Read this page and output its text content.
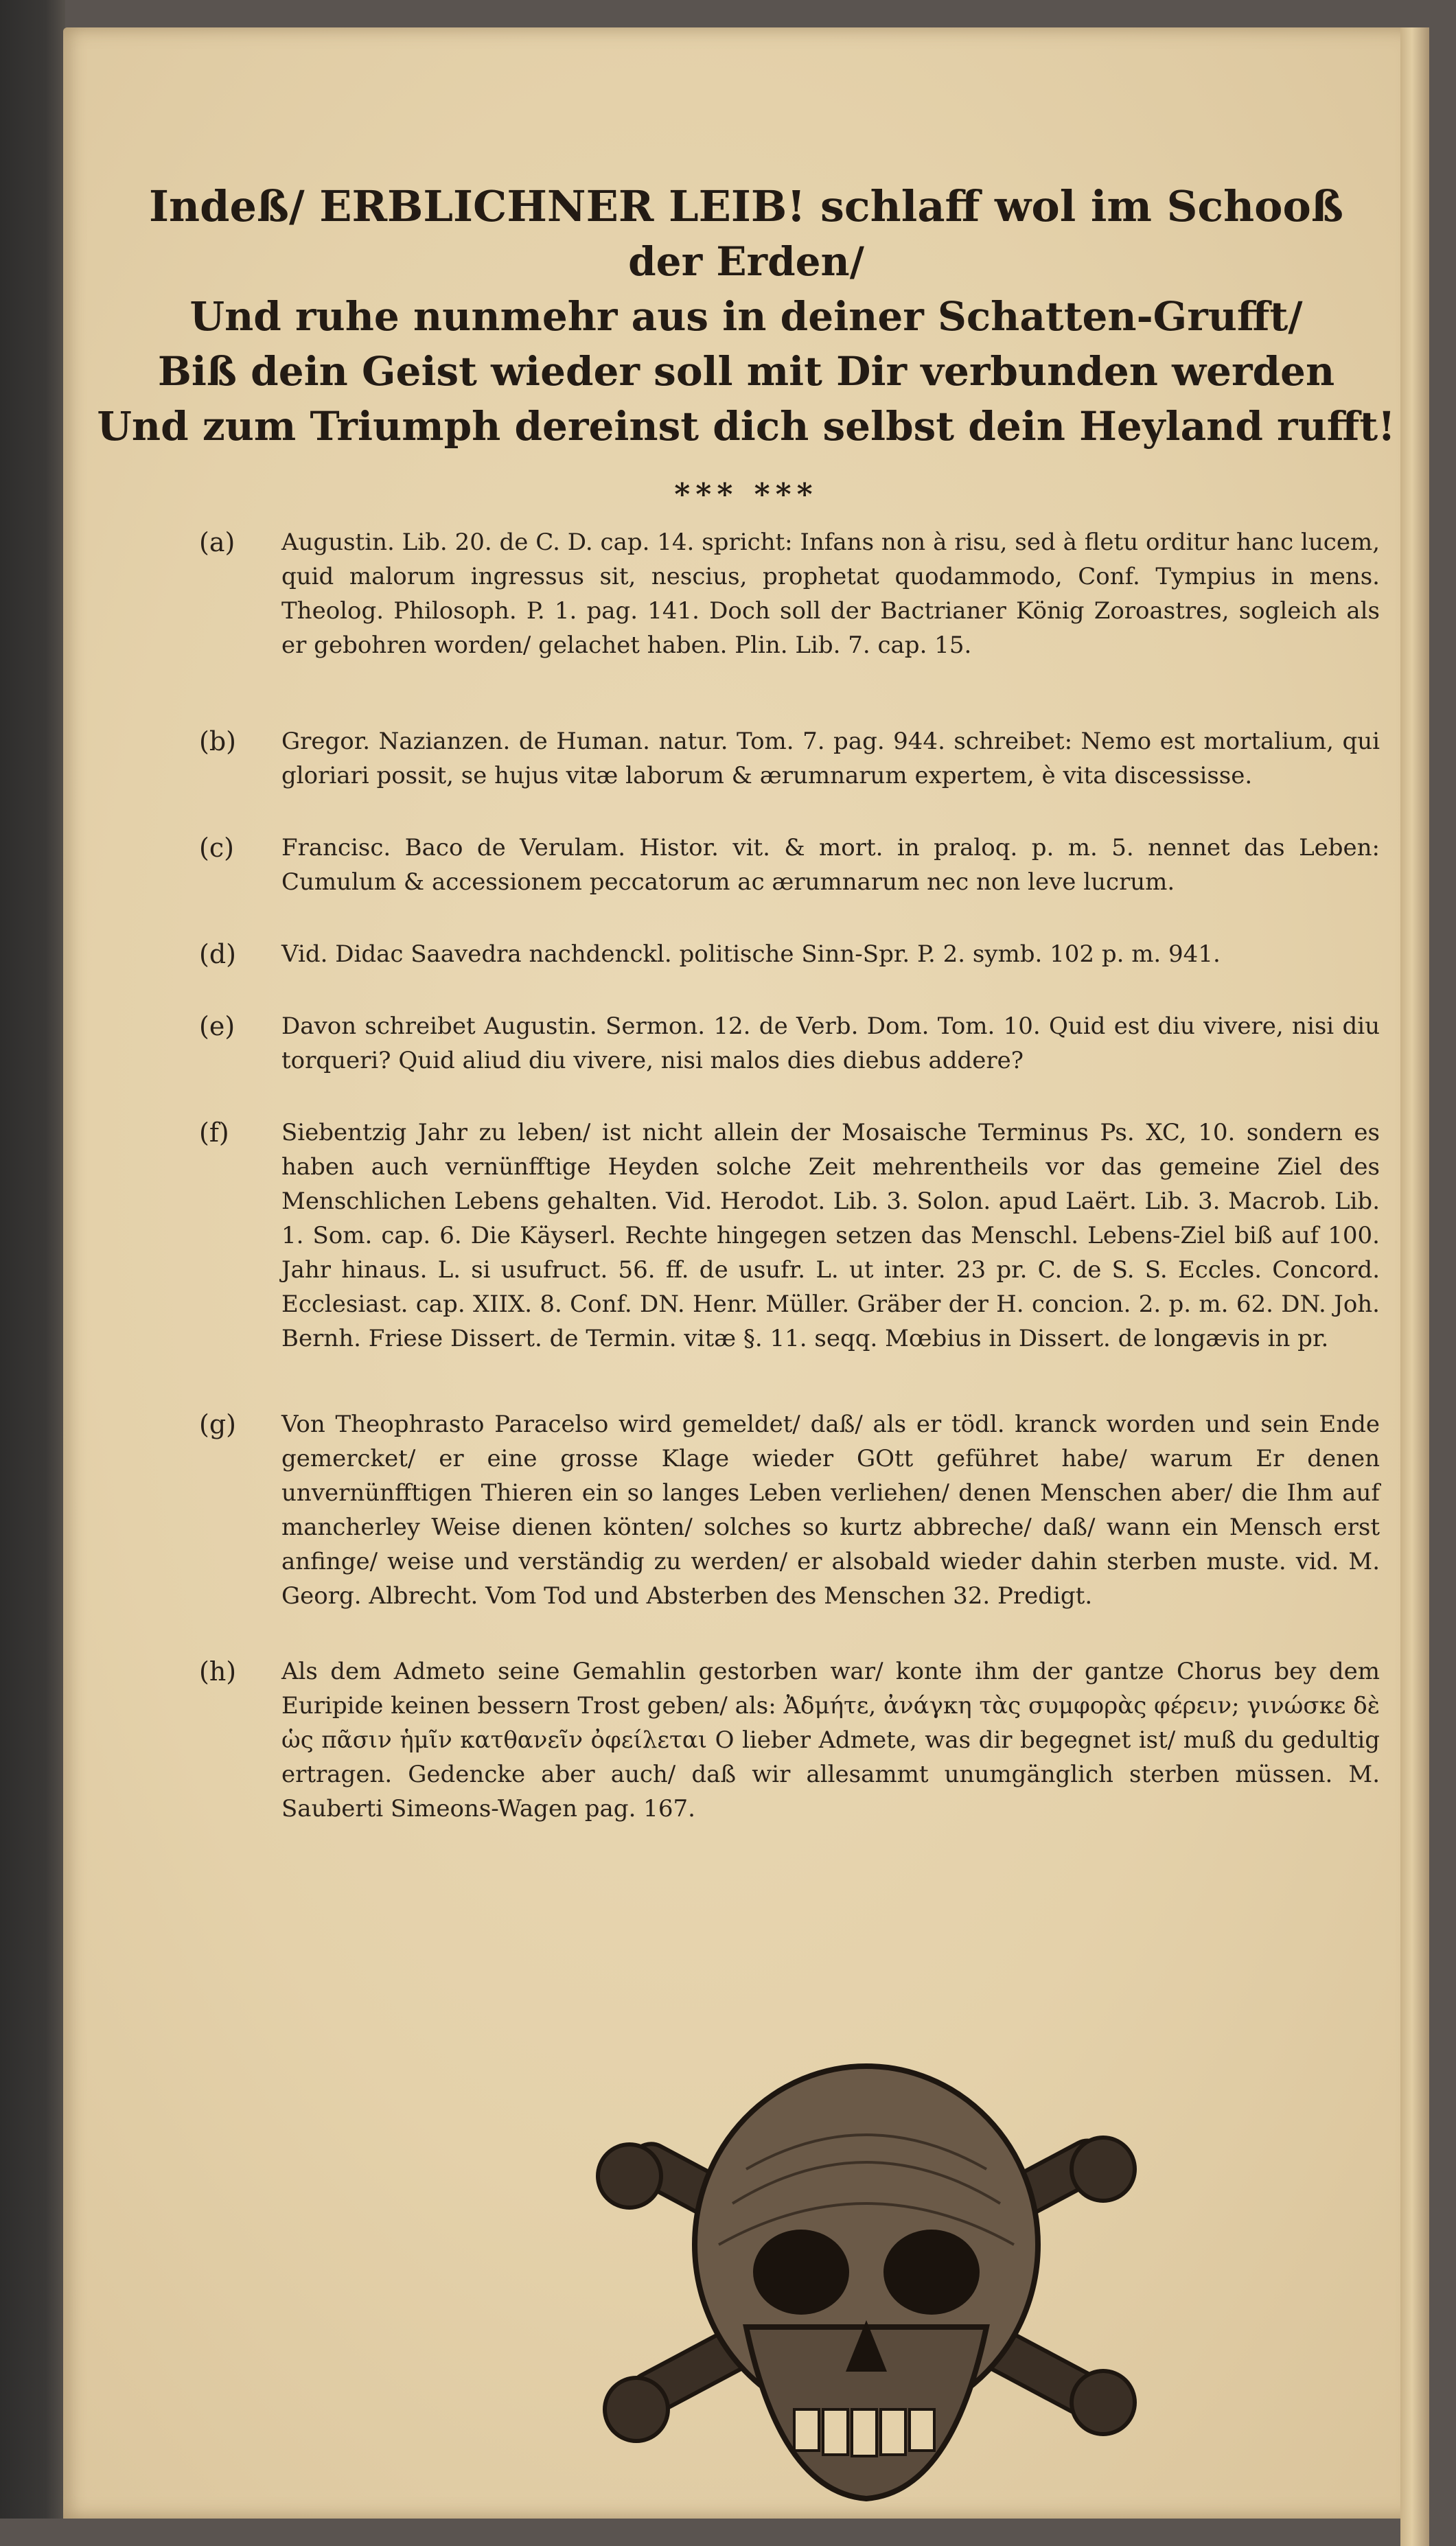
Indeß/ ERBLICHNER LEIB! schlaff wol im Schooß
der Erden/
Und ruhe nunmehr aus in deiner Schatten-Grufft/
Biß dein Geist wieder soll mit Dir verbunden werden
Und zum Triumph dereinst dich selbst dein Heyland rufft!
*** ***
(a)	Augustin. Lib. 20. de C. D. cap. 14. spricht: Infans non à risu, sed à fletu orditur hanc lucem, quid malorum ingressus sit, nescius, prophetat quodammodo, Conf. Tympius in mens. Theolog. Philosoph. P. 1. pag. 141. Doch soll der Bactrianer König Zoroastres, sogleich als er gebohren worden/ gelachet haben. Plin. Lib. 7. cap. 15.
(b)	Gregor. Nazianzen. de Human. natur. Tom. 7. pag. 944. schreibet: Nemo est mortalium, qui gloriari possit, se hujus vitæ laborum & ærumnarum expertem, è vita discessisse.
(c)	Francisc. Baco de Verulam. Histor. vit. & mort. in praloq. p. m. 5. nennet das Leben: Cumulum & accessionem peccatorum ac ærumnarum nec non leve lucrum.
(d)	Vid. Didac Saavedra nachdenckl. politische Sinn-Spr. P. 2. symb. 102 p. m. 941.
(e)	Davon schreibet Augustin. Sermon. 12. de Verb. Dom. Tom. 10. Quid est diu vivere, nisi diu torqueri? Quid aliud diu vivere, nisi malos dies diebus addere?
(f)	Siebentzig Jahr zu leben/ ist nicht allein der Mosaische Terminus Ps. XC, 10. sondern es haben auch vernünfftige Heyden solche Zeit mehrentheils vor das gemeine Ziel des Menschlichen Lebens gehalten. Vid. Herodot. Lib. 3. Solon. apud Laërt. Lib. 3. Macrob. Lib. 1. Som. cap. 6. Die Käyserl. Rechte hingegen setzen das Menschl. Lebens-Ziel biß auf 100. Jahr hinaus. L. si usufruct. 56. ff. de usufr. L. ut inter. 23 pr. C. de S. S. Eccles. Concord. Ecclesiast. cap. XIIX. 8. Conf. DN. Henr. Müller. Gräber der H. concion. 2. p. m. 62. DN. Joh. Bernh. Friese Dissert. de Termin. vitæ §. 11. seqq. Mœbius in Dissert. de longævis in pr.
(g)	Von Theophrasto Paracelso wird gemeldet/ daß/ als er tödl. kranck worden und sein Ende gemercket/ er eine grosse Klage wieder GOtt geführet habe/ warum Er denen unvernünfftigen Thieren ein so langes Leben verliehen/ denen Menschen aber/ die Ihm auf mancherley Weise dienen könten/ solches so kurtz abbreche/ daß/ wann ein Mensch erst anfinge/ weise und verständig zu werden/ er alsobald wieder dahin sterben muste. vid. M. Georg. Albrecht. Vom Tod und Absterben des Menschen 32. Predigt.
(h)	Als dem Admeto seine Gemahlin gestorben war/ konte ihm der gantze Chorus bey dem Euripide keinen bessern Trost geben/ als: Ἀδμήτε, ἀνάγκη τὰς συμφορὰς φέρειν; γινώσκε δὲ ὡς πᾶσιν ἡμῖν κατθανεῖν ὀφείλεται O lieber Admete, was dir begegnet ist/ muß du gedultig ertragen. Gedencke aber auch/ daß wir allesammt unumgänglich sterben müssen. M. Sauberti Simeons-Wagen pag. 167.
